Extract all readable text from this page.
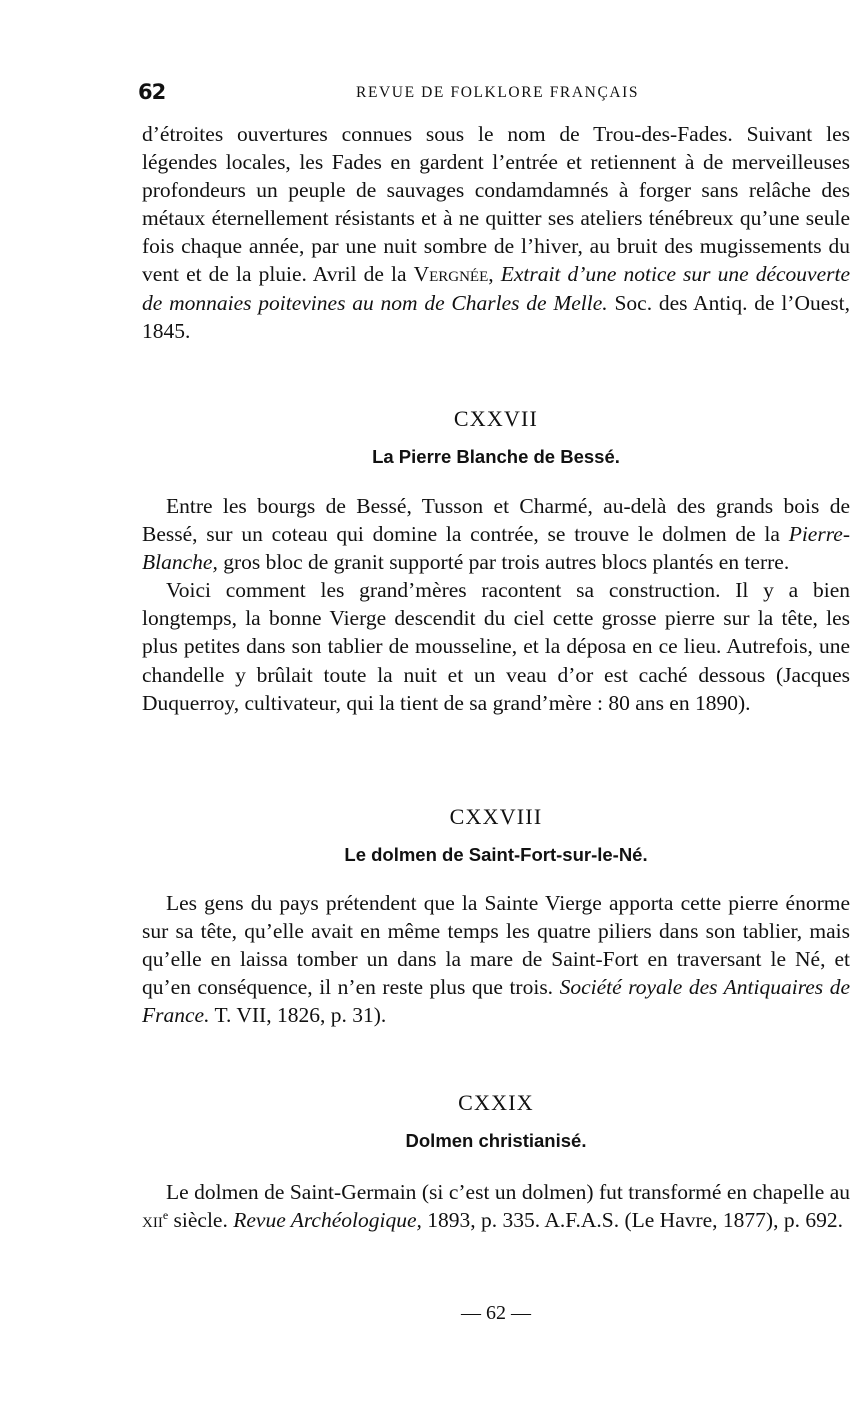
62	REVUE DE FOLKLORE FRANÇAIS

d’étroites ouvertures connues sous le nom de Trou-des-Fades. Suivant les légendes locales, les Fades en gardent l’entrée et retiennent à de merveilleuses profondeurs un peuple de sauvages condamdamnés à forger sans relâche des métaux éternellement résistants et à ne quitter ses ateliers ténébreux qu’une seule fois chaque année, par une nuit sombre de l’hiver, au bruit des mugissements du vent et de la pluie. Avril de la Vergnée, Extrait d’une notice sur une découverte de monnaies poitevines au nom de Charles de Melle. Soc. des Antiq. de l’Ouest, 1845.

CXXVII
La Pierre Blanche de Bessé.

Entre les bourgs de Bessé, Tusson et Charmé, au-delà des grands bois de Bessé, sur un coteau qui domine la contrée, se trouve le dolmen de la Pierre-Blanche, gros bloc de granit supporté par trois autres blocs plantés en terre.

Voici comment les grand’mères racontent sa construction. Il y a bien longtemps, la bonne Vierge descendit du ciel cette grosse pierre sur la tête, les plus petites dans son tablier de mousseline, et la déposa en ce lieu. Autrefois, une chandelle y brûlait toute la nuit et un veau d’or est caché dessous (Jacques Duquerroy, cultivateur, qui la tient de sa grand’mère : 80 ans en 1890).

CXXVIII
Le dolmen de Saint-Fort-sur-le-Né.

Les gens du pays prétendent que la Sainte Vierge apporta cette pierre énorme sur sa tête, qu’elle avait en même temps les quatre piliers dans son tablier, mais qu’elle en laissa tomber un dans la mare de Saint-Fort en traversant le Né, et qu’en conséquence, il n’en reste plus que trois. Société royale des Antiquaires de France. T. VII, 1826, p. 31).

CXXIX
Dolmen christianisé.

Le dolmen de Saint-Germain (si c’est un dolmen) fut transformé en chapelle au xii$^e$ siècle. Revue Archéologique, 1893, p. 335. A.F.A.S. (Le Havre, 1877), p. 692.

— 62 —
